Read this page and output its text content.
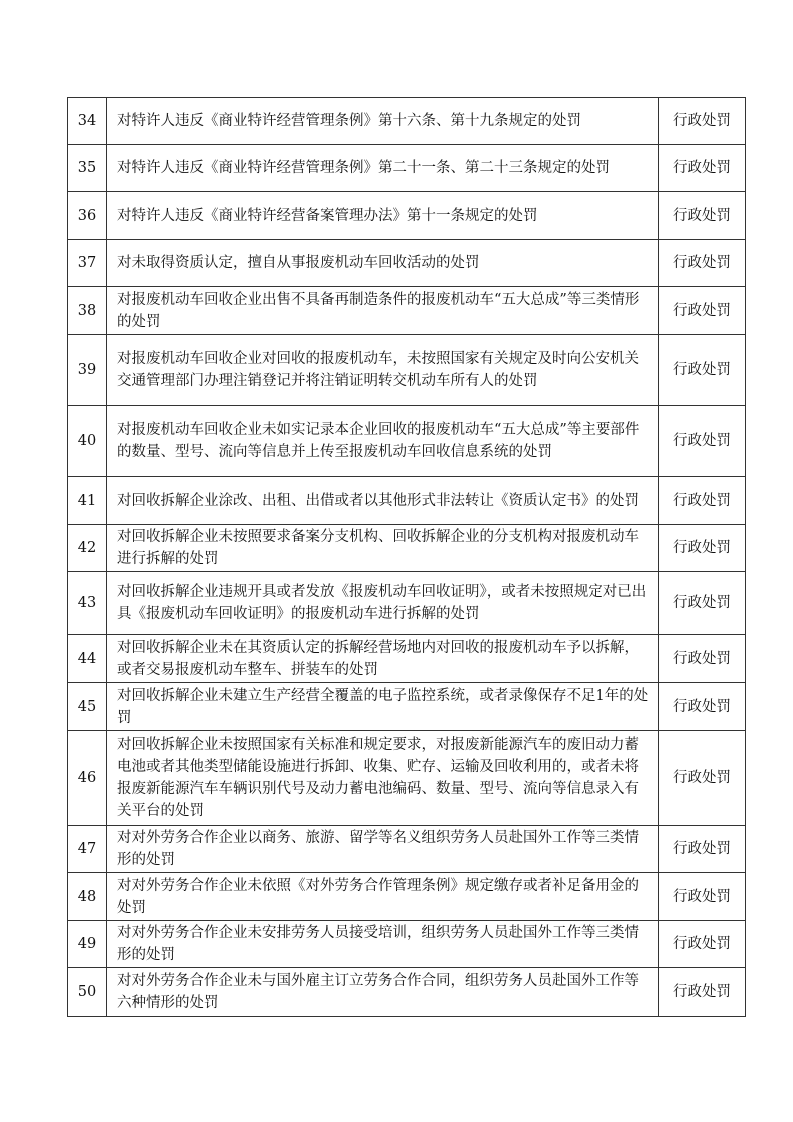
34	对特许人违反《商业特许经营管理条例》第十六条、第十九条规定的处罚	行政处罚
35	对特许人违反《商业特许经营管理条例》第二十一条、第二十三条规定的处罚	行政处罚
36	对特许人违反《商业特许经营备案管理办法》第十一条规定的处罚	行政处罚
37	对未取得资质认定，擅自从事报废机动车回收活动的处罚	行政处罚
38	对报废机动车回收企业出售不具备再制造条件的报废机动车“五大总成”等三类情形的处罚	行政处罚
39	对报废机动车回收企业对回收的报废机动车，未按照国家有关规定及时向公安机关交通管理部门办理注销登记并将注销证明转交机动车所有人的处罚	行政处罚
40	对报废机动车回收企业未如实记录本企业回收的报废机动车“五大总成”等主要部件的数量、型号、流向等信息并上传至报废机动车回收信息系统的处罚	行政处罚
41	对回收拆解企业涂改、出租、出借或者以其他形式非法转让《资质认定书》的处罚	行政处罚
42	对回收拆解企业未按照要求备案分支机构、回收拆解企业的分支机构对报废机动车进行拆解的处罚	行政处罚
43	对回收拆解企业违规开具或者发放《报废机动车回收证明》，或者未按照规定对已出具《报废机动车回收证明》的报废机动车进行拆解的处罚	行政处罚
44	对回收拆解企业未在其资质认定的拆解经营场地内对回收的报废机动车予以拆解，或者交易报废机动车整车、拼装车的处罚	行政处罚
45	对回收拆解企业未建立生产经营全覆盖的电子监控系统，或者录像保存不足1年的处罚	行政处罚
46	对回收拆解企业未按照国家有关标准和规定要求，对报废新能源汽车的废旧动力蓄电池或者其他类型储能设施进行拆卸、收集、贮存、运输及回收利用的，或者未将报废新能源汽车车辆识别代号及动力蓄电池编码、数量、型号、流向等信息录入有关平台的处罚	行政处罚
47	对对外劳务合作企业以商务、旅游、留学等名义组织劳务人员赴国外工作等三类情形的处罚	行政处罚
48	对对外劳务合作企业未依照《对外劳务合作管理条例》规定缴存或者补足备用金的处罚	行政处罚
49	对对外劳务合作企业未安排劳务人员接受培训，组织劳务人员赴国外工作等三类情形的处罚	行政处罚
50	对对外劳务合作企业未与国外雇主订立劳务合作合同，组织劳务人员赴国外工作等六种情形的处罚	行政处罚
